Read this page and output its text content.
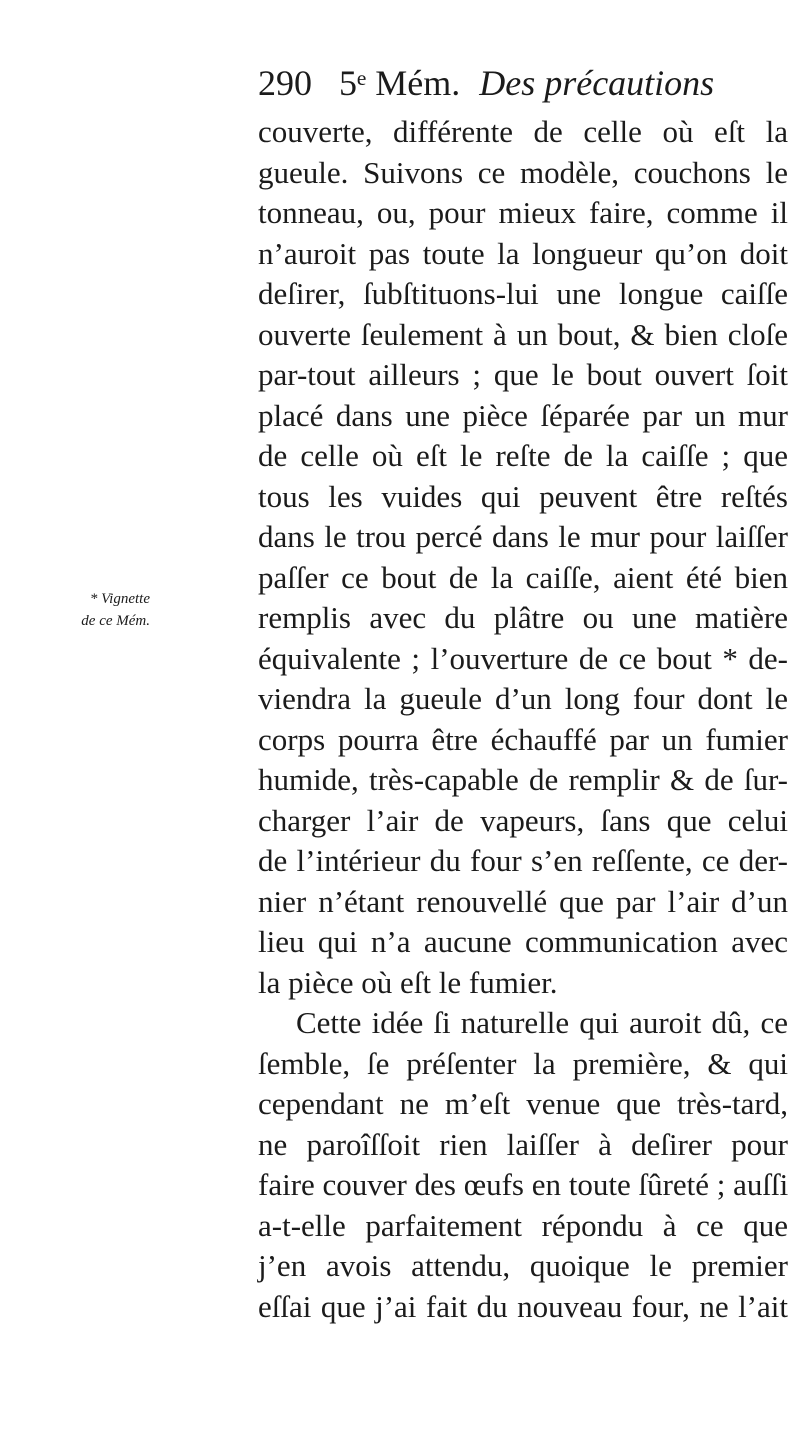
290 5ᵉ Mém. Des précautions
* Vignette
de ce Mém.
couverte, différente de celle où eſt la
gueule. Suivons ce modèle, couchons le
tonneau, ou, pour mieux faire, comme il
n’auroit pas toute la longueur qu’on doit
deſirer, ſubſtituons-lui une longue caiſſe
ouverte ſeulement à un bout, & bien cloſe
par-tout ailleurs ; que le bout ouvert ſoit
placé dans une pièce ſéparée par un mur
de celle où eſt le reſte de la caiſſe ; que
tous les vuides qui peuvent être reſtés
dans le trou percé dans le mur pour laiſſer
paſſer ce bout de la caiſſe, aient été bien
remplis avec du plâtre ou une matière
équivalente ; l’ouverture de ce bout * de-
viendra la gueule d’un long four dont le
corps pourra être échauffé par un fumier
humide, très-capable de remplir & de ſur-
charger l’air de vapeurs, ſans que celui
de l’intérieur du four s’en reſſente, ce der-
nier n’étant renouvellé que par l’air d’un
lieu qui n’a aucune communication avec
la pièce où eſt le fumier.
Cette idée ſi naturelle qui auroit dû, ce
ſemble, ſe préſenter la première, & qui
cependant ne m’eſt venue que très-tard,
ne paroîſſoit rien laiſſer à deſirer pour
faire couver des œufs en toute ſûreté ; auſſi
a-t-elle parfaitement répondu à ce que
j’en avois attendu, quoique le premier
eſſai que j’ai fait du nouveau four, ne l’ait
